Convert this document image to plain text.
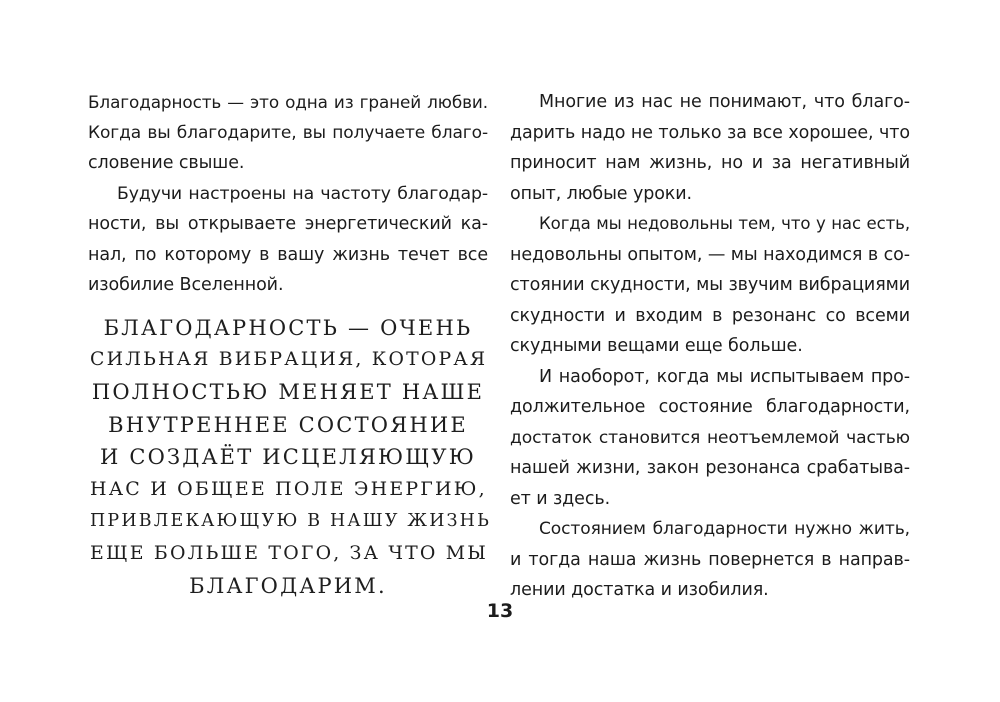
Благодарность — это одна из граней любви.
Когда вы благодарите, вы получаете благо-
словение свыше.
Будучи настроены на частоту благодар-
ности, вы открываете энергетический ка-
нал, по которому в вашу жизнь течет все
изобилие Вселенной.
БЛАГОДАРНОСТЬ — ОЧЕНЬ
СИЛЬНАЯ ВИБРАЦИЯ, КОТОРАЯ
ПОЛНОСТЬЮ МЕНЯЕТ НАШЕ
ВНУТРЕННЕЕ СОСТОЯНИЕ
И СОЗДАЁТ ИСЦЕЛЯЮЩУЮ
НАС И ОБЩЕЕ ПОЛЕ ЭНЕРГИЮ,
ПРИВЛЕКАЮЩУЮ В НАШУ ЖИЗНЬ
ЕЩЕ БОЛЬШЕ ТОГО, ЗА ЧТО МЫ
БЛАГОДАРИМ.
Многие из нас не понимают, что благо-
дарить надо не только за все хорошее, что
приносит нам жизнь, но и за негативный
опыт, любые уроки.
Когда мы недовольны тем, что у нас есть,
недовольны опытом, — мы находимся в со-
стоянии скудности, мы звучим вибрациями
скудности и входим в резонанс со всеми
скудными вещами еще больше.
И наоборот, когда мы испытываем про-
должительное состояние благодарности,
достаток становится неотъемлемой частью
нашей жизни, закон резонанса срабатыва-
ет и здесь.
Состоянием благодарности нужно жить,
и тогда наша жизнь повернется в направ-
лении достатка и изобилия.
13
